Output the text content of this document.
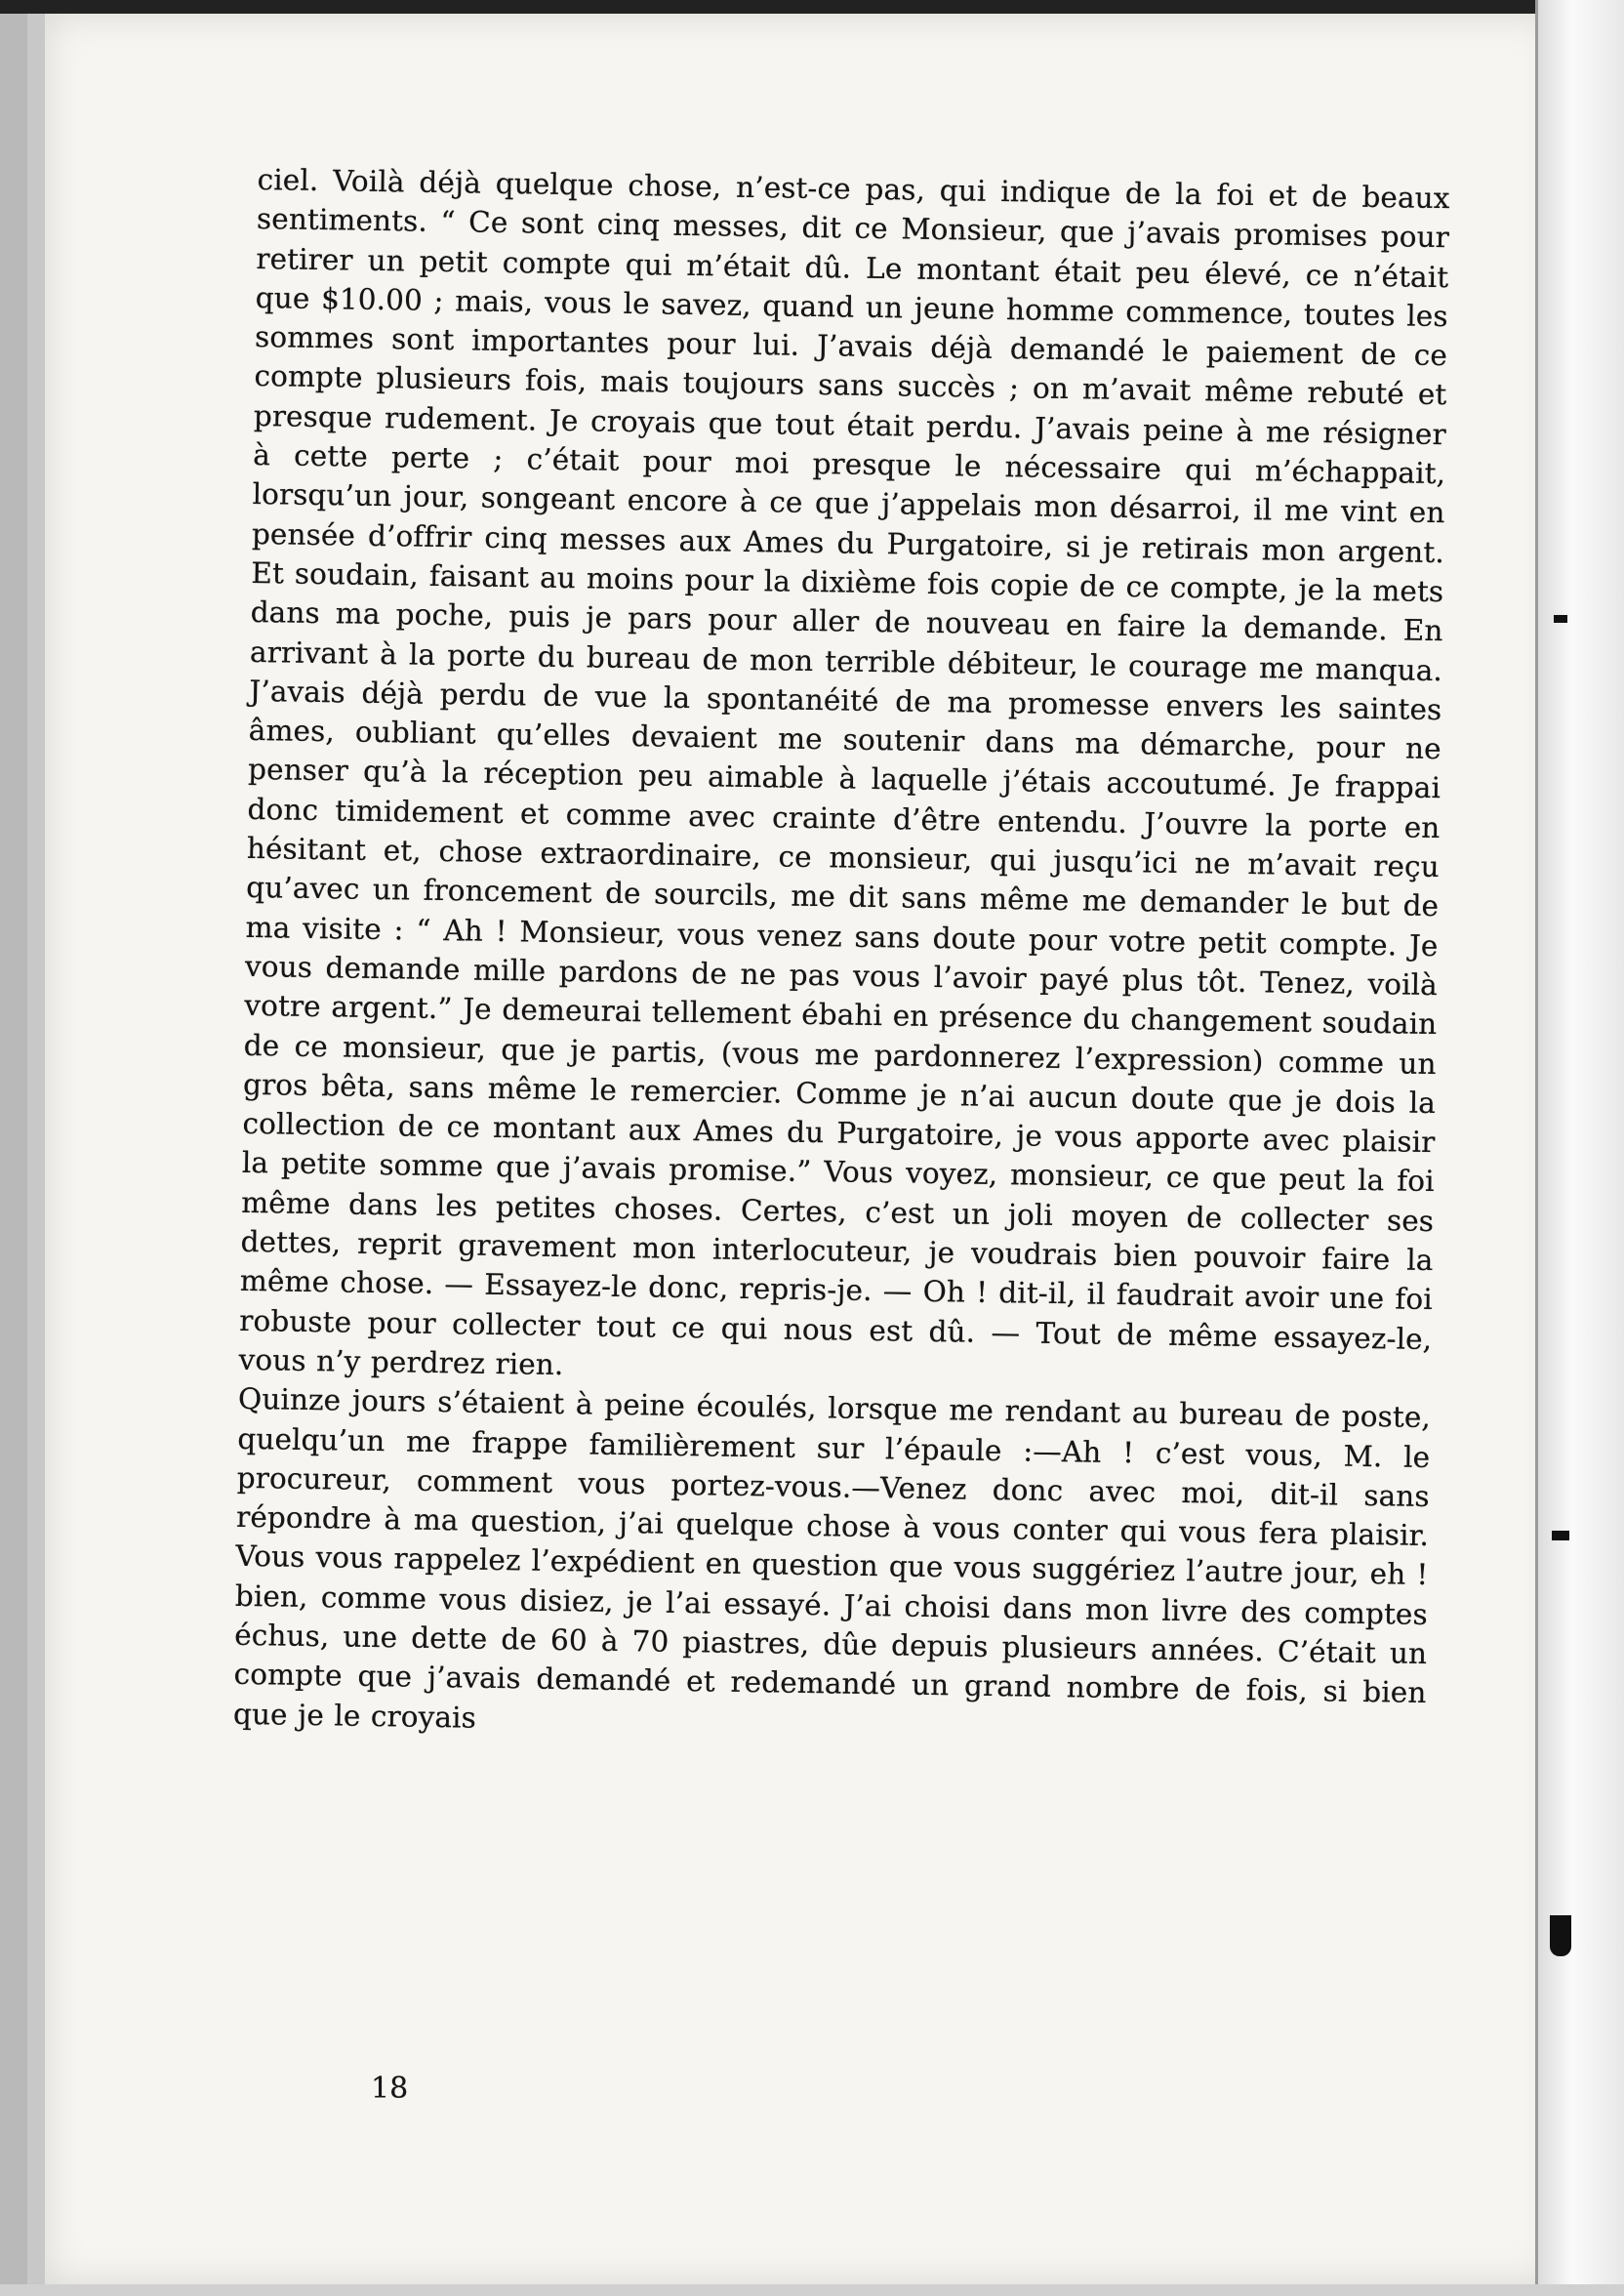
ciel. Voilà déjà quelque chose, n’est-ce pas, qui indique de la foi et de beaux sentiments. “ Ce sont cinq messes, dit ce Monsieur, que j’avais promises pour retirer un petit compte qui m’était dû. Le montant était peu élevé, ce n’était que $10.00 ; mais, vous le savez, quand un jeune homme commence, toutes les sommes sont importantes pour lui. J’avais déjà demandé le paiement de ce compte plusieurs fois, mais toujours sans succès ; on m’avait même rebuté et presque rudement. Je croyais que tout était perdu. J’avais peine à me résigner à cette perte ; c’était pour moi presque le nécessaire qui m’échappait, lorsqu’un jour, songeant encore à ce que j’appelais mon désarroi, il me vint en pensée d’offrir cinq messes aux Ames du Purgatoire, si je retirais mon argent. Et soudain, faisant au moins pour la dixième fois copie de ce compte, je la mets dans ma poche, puis je pars pour aller de nouveau en faire la demande. En arrivant à la porte du bureau de mon terrible débiteur, le courage me manqua. J’avais déjà perdu de vue la spontanéité de ma promesse envers les saintes âmes, oubliant qu’elles devaient me soutenir dans ma démarche, pour ne penser qu’à la réception peu aimable à laquelle j’étais accoutumé. Je frappai donc timidement et comme avec crainte d’être entendu. J’ouvre la porte en hésitant et, chose extraordinaire, ce monsieur, qui jusqu’ici ne m’avait reçu qu’avec un froncement de sourcils, me dit sans même me demander le but de ma visite : “ Ah ! Monsieur, vous venez sans doute pour votre petit compte. Je vous demande mille pardons de ne pas vous l’avoir payé plus tôt. Tenez, voilà votre argent.” Je demeurai tellement ébahi en présence du changement soudain de ce monsieur, que je partis, (vous me pardonnerez l’expression) comme un gros bêta, sans même le remercier. Comme je n’ai aucun doute que je dois la collection de ce montant aux Ames du Purgatoire, je vous apporte avec plaisir la petite somme que j’avais promise.” Vous voyez, monsieur, ce que peut la foi même dans les petites choses. Certes, c’est un joli moyen de collecter ses dettes, reprit gravement mon interlocuteur, je voudrais bien pouvoir faire la même chose. — Essayez-le donc, repris-je. — Oh ! dit-il, il faudrait avoir une foi robuste pour collecter tout ce qui nous est dû. — Tout de même essayez-le, vous n’y perdrez rien.

Quinze jours s’étaient à peine écoulés, lorsque me rendant au bureau de poste, quelqu’un me frappe familièrement sur l’épaule :—Ah ! c’est vous, M. le procureur, comment vous portez-vous.—Venez donc avec moi, dit-il sans répondre à ma question, j’ai quelque chose à vous conter qui vous fera plaisir. Vous vous rappelez l’expédient en question que vous suggériez l’autre jour, eh ! bien, comme vous disiez, je l’ai essayé. J’ai choisi dans mon livre des comptes échus, une dette de 60 à 70 piastres, dûe depuis plusieurs années. C’était un compte que j’avais demandé et redemandé un grand nombre de fois, si bien que je le croyais

18
